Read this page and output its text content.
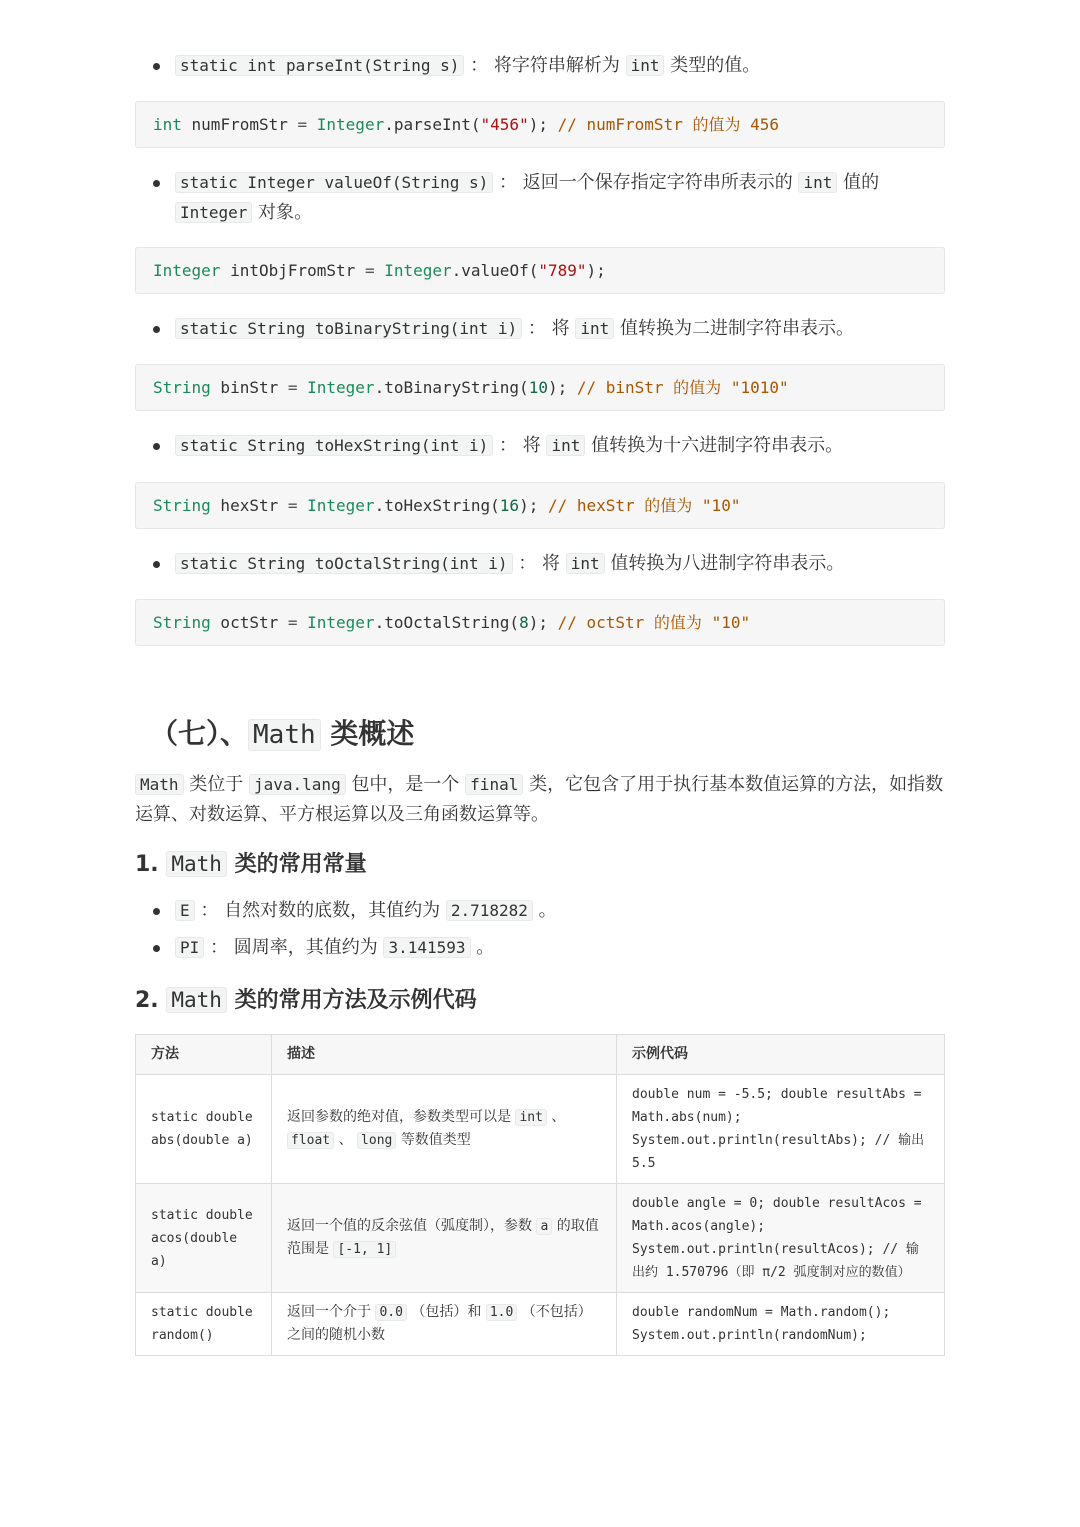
static int parseInt(String s) ： 将字符串解析为 int 类型的值。
int numFromStr = Integer.parseInt("456"); // numFromStr 的值为 456
static Integer valueOf(String s) ： 返回一个保存指定字符串所表示的 int 值的 Integer 对象。
Integer intObjFromStr = Integer.valueOf("789");
static String toBinaryString(int i) ： 将 int 值转换为二进制字符串表示。
String binStr = Integer.toBinaryString(10); // binStr 的值为 "1010"
static String toHexString(int i) ： 将 int 值转换为十六进制字符串表示。
String hexStr = Integer.toHexString(16); // hexStr 的值为 "10"
static String toOctalString(int i) ： 将 int 值转换为八进制字符串表示。
String octStr = Integer.toOctalString(8); // octStr 的值为 "10"
（七）、 Math 类概述
Math 类位于 java.lang 包中，是一个 final 类，它包含了用于执行基本数值运算的方法，如指数运算、对数运算、平方根运算以及三角函数运算等。
1. Math 类的常用常量
E ： 自然对数的底数，其值约为 2.718282 。
PI ： 圆周率，其值约为 3.141593 。
2. Math 类的常用方法及示例代码
方法	描述	示例代码
static double abs(double a)	返回参数的绝对值，参数类型可以是 int 、 float 、 long 等数值类型	double num = -5.5; double resultAbs = Math.abs(num); System.out.println(resultAbs); // 输出 5.5
static double acos(double a)	返回一个值的反余弦值（弧度制），参数 a 的取值范围是 [-1, 1]	double angle = 0; double resultAcos = Math.acos(angle); System.out.println(resultAcos); // 输出约 1.570796（即 π/2 弧度制对应的数值）
static double random()	返回一个介于 0.0 （包括）和 1.0 （不包括）之间的随机小数	double randomNum = Math.random(); System.out.println(randomNum);
